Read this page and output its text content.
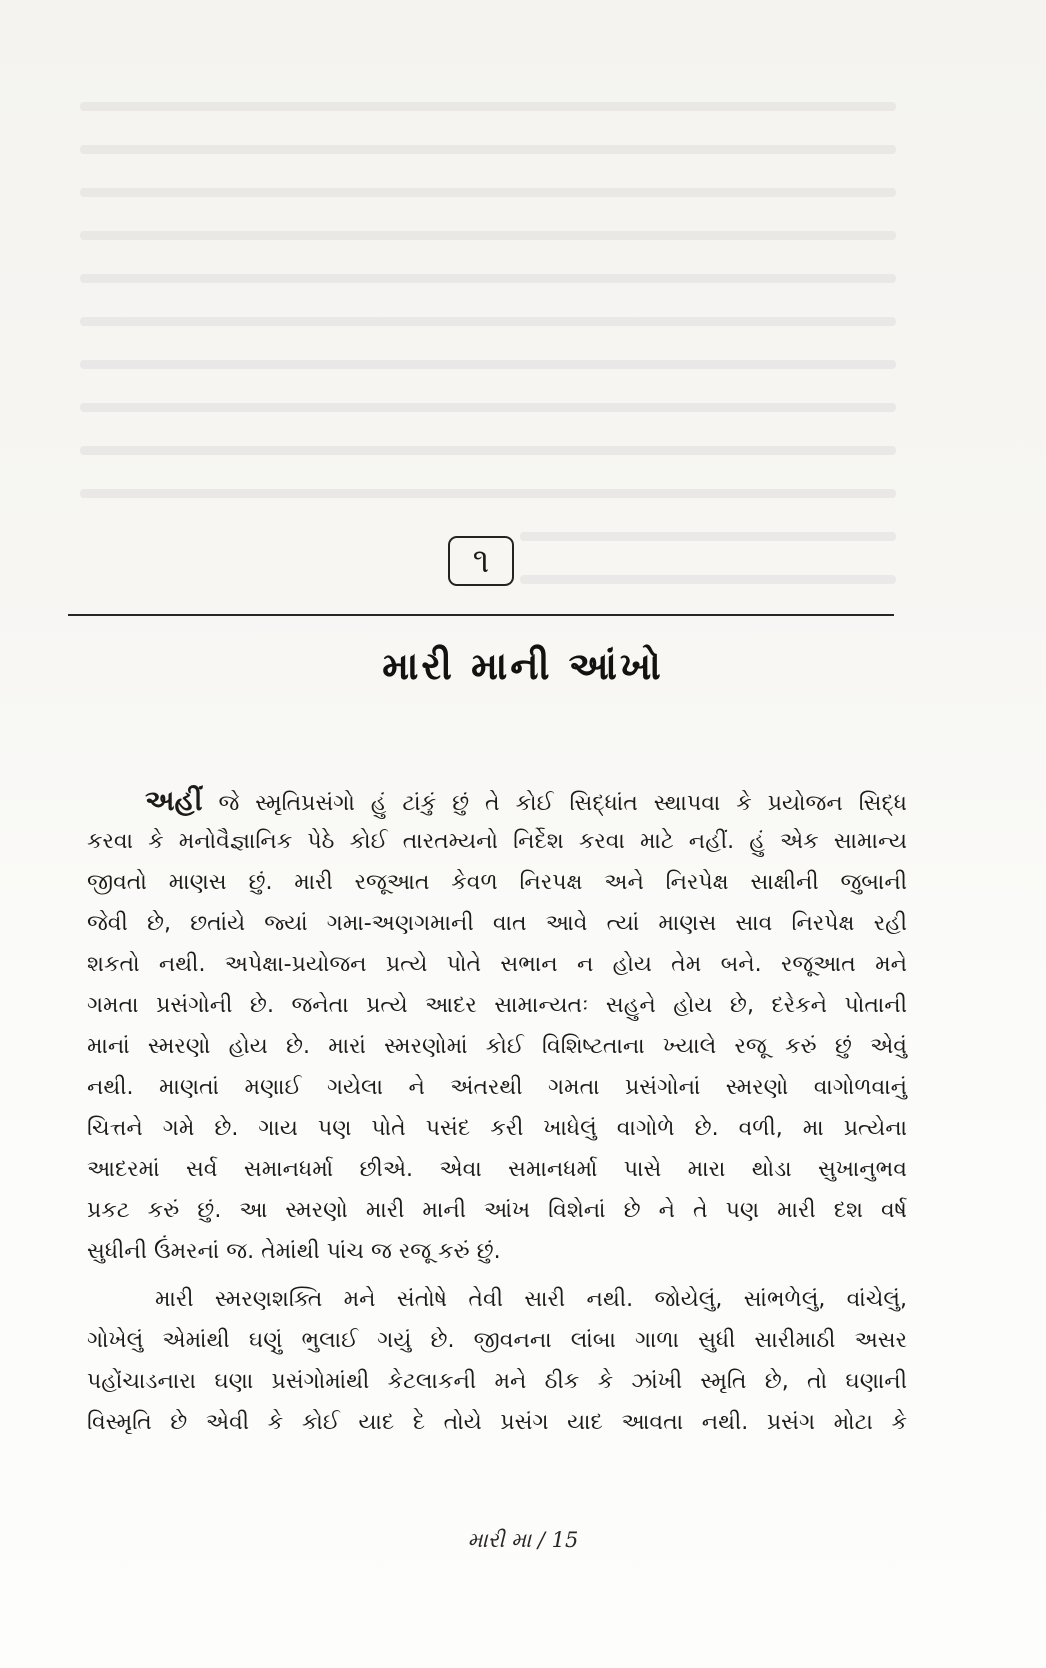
૧
મારી માની આંખો
અહીં જે સ્મૃતિપ્રસંગો હું ટાંકું છું તે કોઈ સિદ્ધાંત સ્થાપવા કે પ્રયોજન સિદ્ધ
કરવા કે મનોવૈજ્ઞાનિક પેઠે કોઈ તારતમ્યનો નિર્દેશ કરવા માટે નહીં. હું એક સામાન્ય
જીવતો માણસ છું. મારી રજૂઆત કેવળ નિરપક્ષ અને નિરપેક્ષ સાક્ષીની જુબાની
જેવી છે, છતાંયે જ્યાં ગમા-અણગમાની વાત આવે ત્યાં માણસ સાવ નિરપેક્ષ રહી
શકતો નથી. અપેક્ષા-પ્રયોજન પ્રત્યે પોતે સભાન ન હોય તેમ બને. રજૂઆત મને
ગમતા પ્રસંગોની છે. જનેતા પ્રત્યે આદર સામાન્યતઃ સહુને હોય છે, દરેકને પોતાની
માનાં સ્મરણો હોય છે. મારાં સ્મરણોમાં કોઈ વિશિષ્ટતાના ખ્યાલે રજૂ કરું છું એવું
નથી. માણતાં મણાઈ ગયેલા ને અંતરથી ગમતા પ્રસંગોનાં સ્મરણો વાગોળવાનું
ચિત્તને ગમે છે. ગાય પણ પોતે પસંદ કરી ખાધેલું વાગોળે છે. વળી, મા પ્રત્યેના
આદરમાં સર્વ સમાનધર્મા છીએ. એવા સમાનધર્મા પાસે મારા થોડા સુખાનુભવ
પ્રકટ કરું છું. આ સ્મરણો મારી માની આંખ વિશેનાં છે ને તે પણ મારી દશ વર્ષ
સુધીની ઉંમરનાં જ. તેમાંથી પાંચ જ રજૂ કરું છું.
મારી સ્મરણશક્તિ મને સંતોષે તેવી સારી નથી. જોયેલું, સાંભળેલું, વાંચેલું,
ગોખેલું એમાંથી ઘણું ભુલાઈ ગયું છે. જીવનના લાંબા ગાળા સુધી સારીમાઠી અસર
પહોંચાડનારા ઘણા પ્રસંગોમાંથી કેટલાકની મને ઠીક કે ઝાંખી સ્મૃતિ છે, તો ઘણાની
વિસ્મૃતિ છે એવી કે કોઈ યાદ દે તોયે પ્રસંગ યાદ આવતા નથી. પ્રસંગ મોટા કે
મારી મા / 15
